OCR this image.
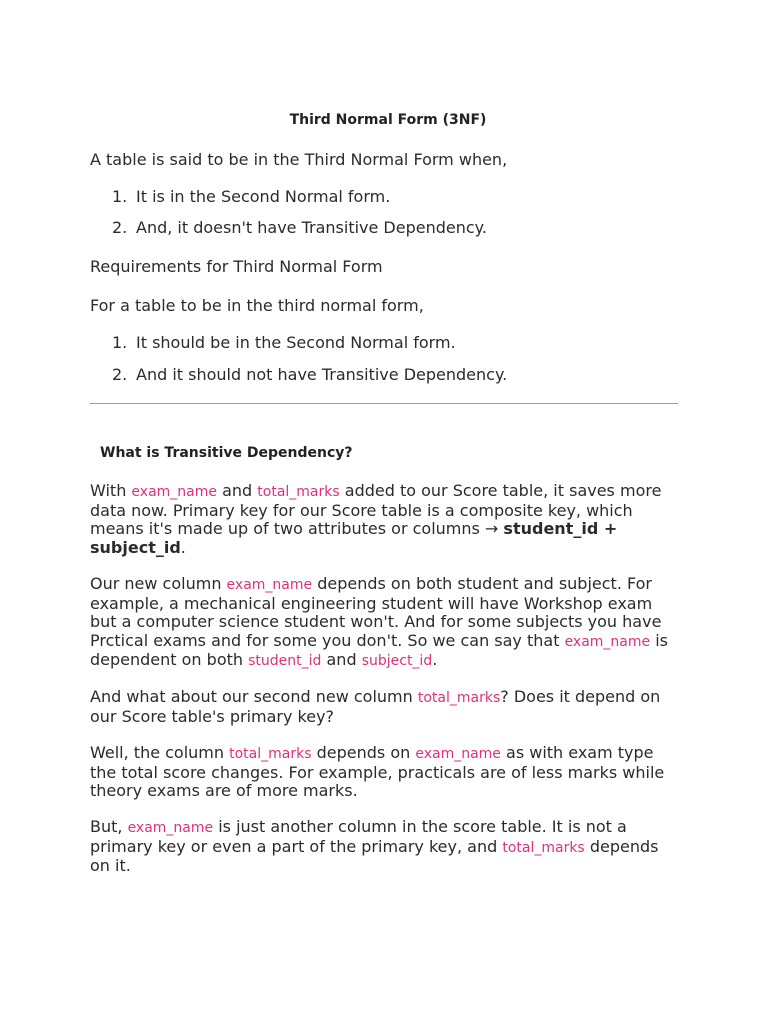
Third Normal Form (3NF)

A table is said to be in the Third Normal Form when,

1. It is in the Second Normal form.
2. And, it doesn't have Transitive Dependency.

Requirements for Third Normal Form

For a table to be in the third normal form,

1. It should be in the Second Normal form.
2. And it should not have Transitive Dependency.
What is Transitive Dependency?

With exam_name and total_marks added to our Score table, it saves more data now. Primary key for our Score table is a composite key, which means it's made up of two attributes or columns → student_id + subject_id.

Our new column exam_name depends on both student and subject. For example, a mechanical engineering student will have Workshop exam but a computer science student won't. And for some subjects you have Prctical exams and for some you don't. So we can say that exam_name is dependent on both student_id and subject_id.

And what about our second new column total_marks? Does it depend on our Score table's primary key?

Well, the column total_marks depends on exam_name as with exam type the total score changes. For example, practicals are of less marks while theory exams are of more marks.

But, exam_name is just another column in the score table. It is not a primary key or even a part of the primary key, and total_marks depends on it.
